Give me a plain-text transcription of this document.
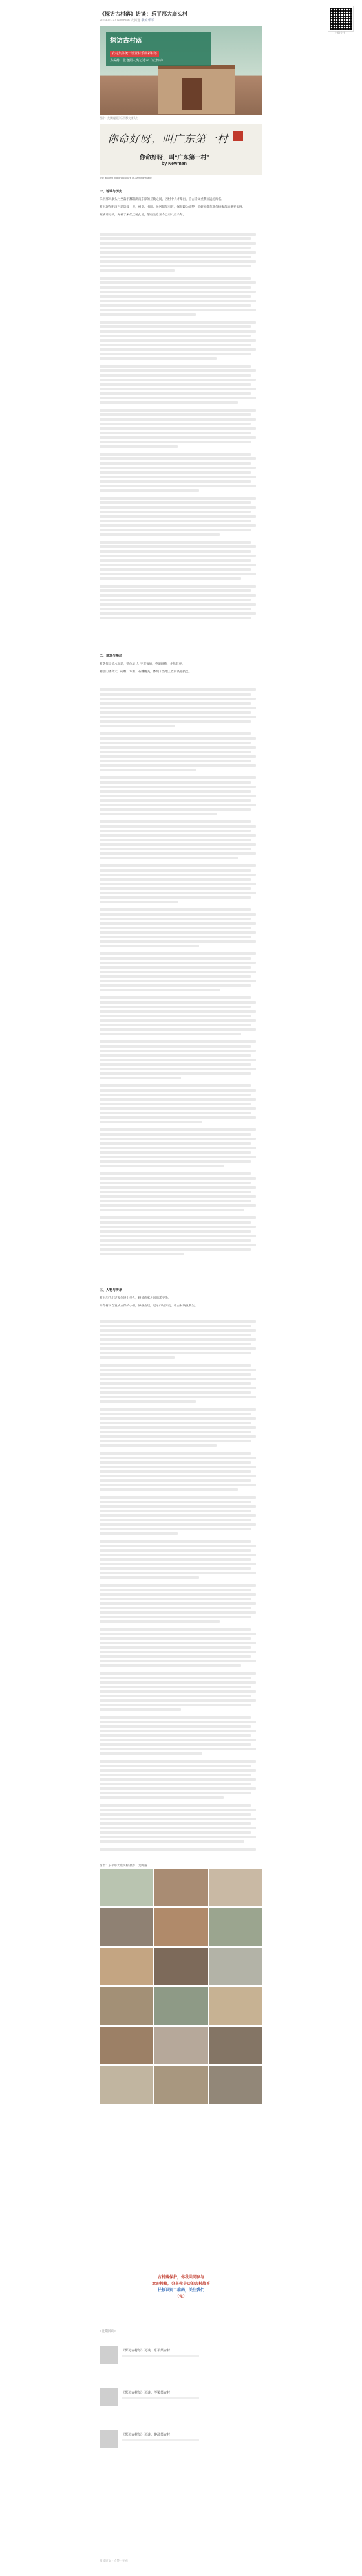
《探访古村落》访谈：乐平那大康头村
2019-01-27 Newman 龙腾遇 我的乐平
扫码关注
探访古村落
农村集体统一设置村乐微彩村落
为保持一张老照人类记述本（征集库）
图片：龙腾遇摄于乐平那大康头村
你命好呀，叫广东第一村
你命好呀，叫“广东第一村”
by Newman
The ancient building culture of Jiaming village
一、地域与历史

乐平那大康头村坐落于鄱阳湖南东岸的丘陵之间，因村中人才辈出、自古崇文重教而远近闻名。

村中现存明清古建筑数十座，祠堂、书院、民居错落有致，保存较为完整，是研究赣东北传统聚落的重要实例。

据族谱记载，先祖于宋代迁居此地，繁衍生息至今已有八百余年。

二、建筑与格局

村落依山傍水而建，整体呈“人”字形布局，巷道纵横，井然有序。

祠堂门楼高大，砖雕、木雕、石雕精美，体现了当地工匠的高超技艺。

三、人物与传承

村中历代出过多位进士举人，耕读传家之风绵延不绝。

如今村民自发成立保护小组，修缮古建，记录口述历史，让古村焕发新生。

图集：乐平那大康头村 摄影：龙腾遇
古村落保护，你我共同参与
欢迎投稿，分享你身边的古村故事
长按识别二维码，关注我们
（完）
< 往期回顾 >
《探访古村落》访谈：乐平某古村
《探访古村落》访谈：浮梁某古村
《探访古村落》访谈：婺源某古村
阅读原文 · 点赞 · 在看
